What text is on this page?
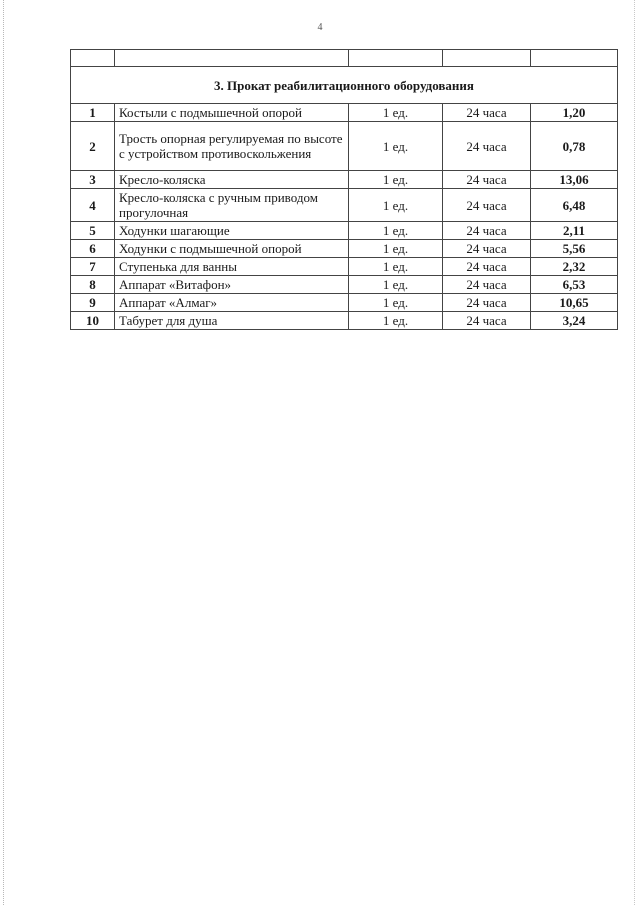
4

3. Прокат реабилитационного оборудования				
1	Костыли с подмышечной опорой	1 ед.	24 часа	1,20
2	Трость опорная регулируемая по высоте с устройством противоскольжения	1 ед.	24 часа	0,78
3	Кресло-коляска	1 ед.	24 часа	13,06
4	Кресло-коляска с ручным приводом прогулочная	1 ед.	24 часа	6,48
5	Ходунки шагающие	1 ед.	24 часа	2,11
6	Ходунки с подмышечной опорой	1 ед.	24 часа	5,56
7	Ступенька для ванны	1 ед.	24 часа	2,32
8	Аппарат «Витафон»	1 ед.	24 часа	6,53
9	Аппарат «Алмаг»	1 ед.	24 часа	10,65
10	Табурет для душа	1 ед.	24 часа	3,24
